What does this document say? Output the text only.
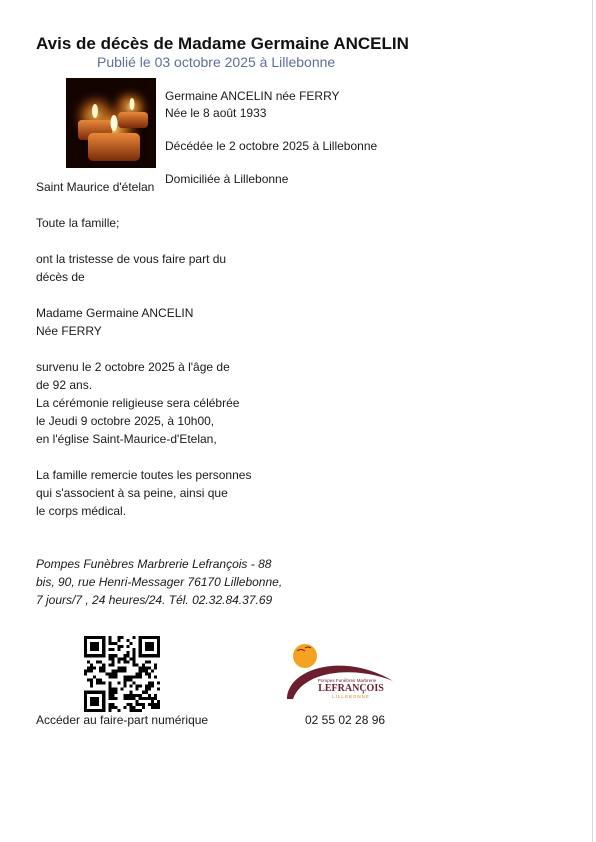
Avis de décès de Madame Germaine ANCELIN
Publié le 03 octobre 2025 à Lillebonne
Germaine ANCELIN née FERRY
Née le 8 août 1933
Décédée le 2 octobre 2025 à Lillebonne
Domiciliée à Lillebonne
Saint Maurice d'ételan
Toute la famille;
ont la tristesse de vous faire part du
décès de
Madame Germaine ANCELIN
Née FERRY
survenu le 2 octobre 2025 à l'âge de
de 92 ans.
La cérémonie religieuse sera célébrée
le Jeudi 9 octobre 2025, à 10h00,
en l'église Saint-Maurice-d'Etelan,
La famille remercie toutes les personnes
qui s'associent à sa peine, ainsi que
le corps médical.
Pompes Funèbres Marbrerie Lefrançois - 88
bis, 90, rue Henri-Messager 76170 Lillebonne,
7 jours/7 , 24 heures/24. Tél. 02.32.84.37.69
Accéder au faire-part numérique
Pompes Funèbres Marbrerie
LEFRANÇOIS
LILLEBONNE
02 55 02 28 96
